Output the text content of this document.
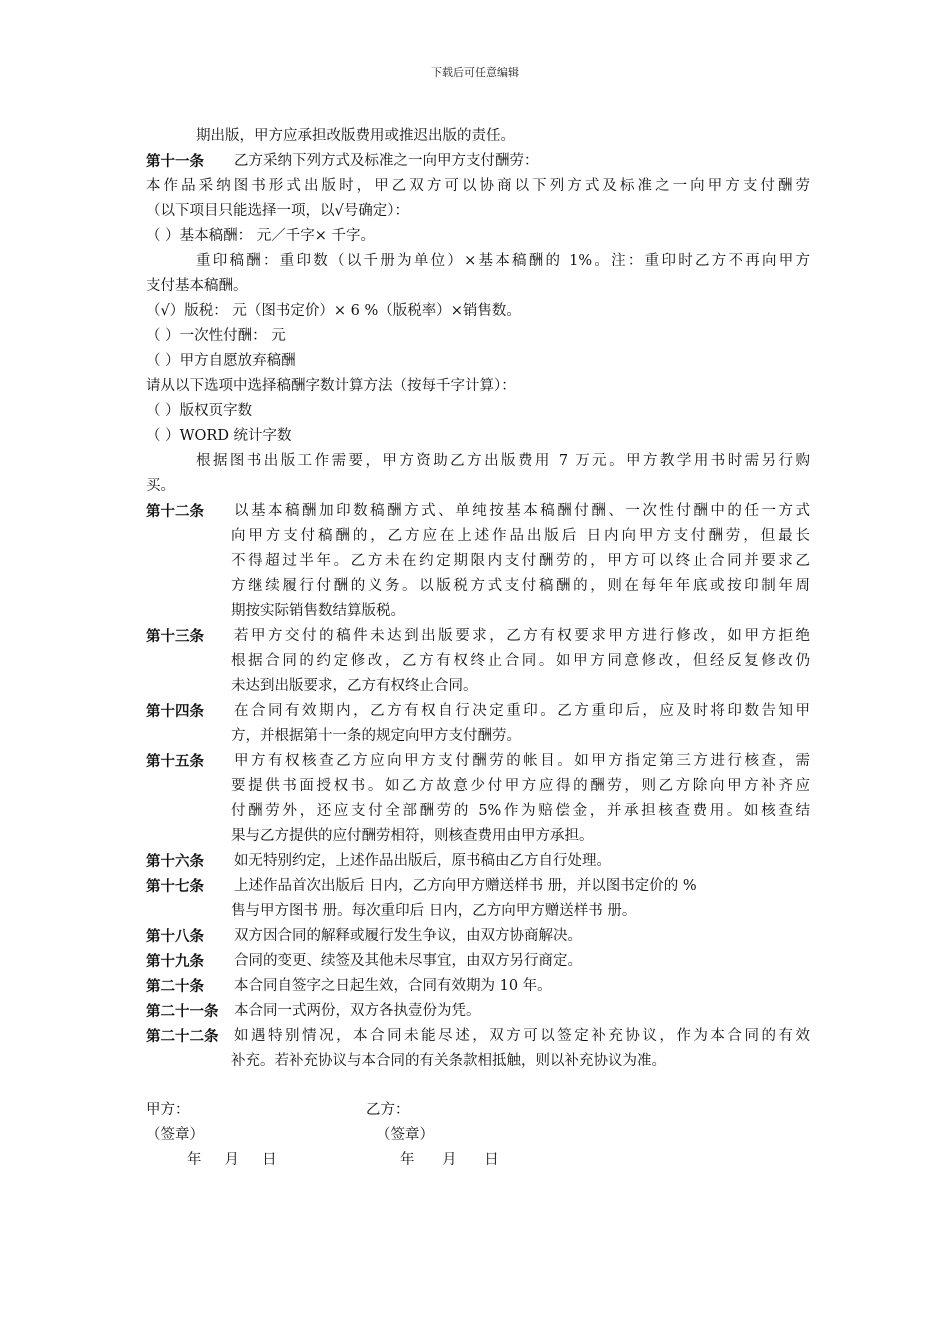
下载后可任意编辑
期出版，甲方应承担改版费用或推迟出版的责任。
第十一条 乙方采纳下列方式及标准之一向甲方支付酬劳：
本作品采纳图书形式出版时，甲乙双方可以协商以下列方式及标准之一向甲方支付酬劳
（以下项目只能选择一项，以√号确定）：
（ ）基本稿酬： 元／千字× 千字。
重印稿酬：重印数（以千册为单位）×基本稿酬的 1%。注：重印时乙方不再向甲方
支付基本稿酬。
（√）版税： 元（图书定价）× 6 %（版税率）×销售数。
（ ）一次性付酬： 元
（ ）甲方自愿放弃稿酬
请从以下选项中选择稿酬字数计算方法（按每千字计算）：
（ ）版权页字数
（ ）WORD 统计字数
根据图书出版工作需要，甲方资助乙方出版费用 7 万元。甲方教学用书时需另行购
买。
第十二条 以基本稿酬加印数稿酬方式、单纯按基本稿酬付酬、一次性付酬中的任一方式
向甲方支付稿酬的，乙方应在上述作品出版后 日内向甲方支付酬劳，但最长
不得超过半年。乙方未在约定期限内支付酬劳的，甲方可以终止合同并要求乙
方继续履行付酬的义务。以版税方式支付稿酬的，则在每年年底或按印制年周
期按实际销售数结算版税。
第十三条 若甲方交付的稿件未达到出版要求，乙方有权要求甲方进行修改，如甲方拒绝
根据合同的约定修改，乙方有权终止合同。如甲方同意修改，但经反复修改仍
未达到出版要求，乙方有权终止合同。
第十四条 在合同有效期内，乙方有权自行决定重印。乙方重印后，应及时将印数告知甲
方，并根据第十一条的规定向甲方支付酬劳。
第十五条 甲方有权核查乙方应向甲方支付酬劳的帐目。如甲方指定第三方进行核查，需
要提供书面授权书。如乙方故意少付甲方应得的酬劳，则乙方除向甲方补齐应
付酬劳外，还应支付全部酬劳的 5%作为赔偿金，并承担核查费用。如核查结
果与乙方提供的应付酬劳相符，则核查费用由甲方承担。
第十六条 如无特别约定，上述作品出版后，原书稿由乙方自行处理。
第十七条 上述作品首次出版后 日内，乙方向甲方赠送样书 册，并以图书定价的 %
售与甲方图书 册。每次重印后 日内，乙方向甲方赠送样书 册。
第十八条 双方因合同的解释或履行发生争议，由双方协商解决。
第十九条 合同的变更、续签及其他未尽事宜，由双方另行商定。
第二十条 本合同自签字之日起生效，合同有效期为 10 年。
第二十一条 本合同一式两份，双方各执壹份为凭。
第二十二条 如遇特别情况，本合同未能尽述，双方可以签定补充协议，作为本合同的有效
补充。若补充协议与本合同的有关条款相抵触，则以补充协议为准。
甲方：	乙方：
（签章）	（签章）
年     月     日	年      月      日
